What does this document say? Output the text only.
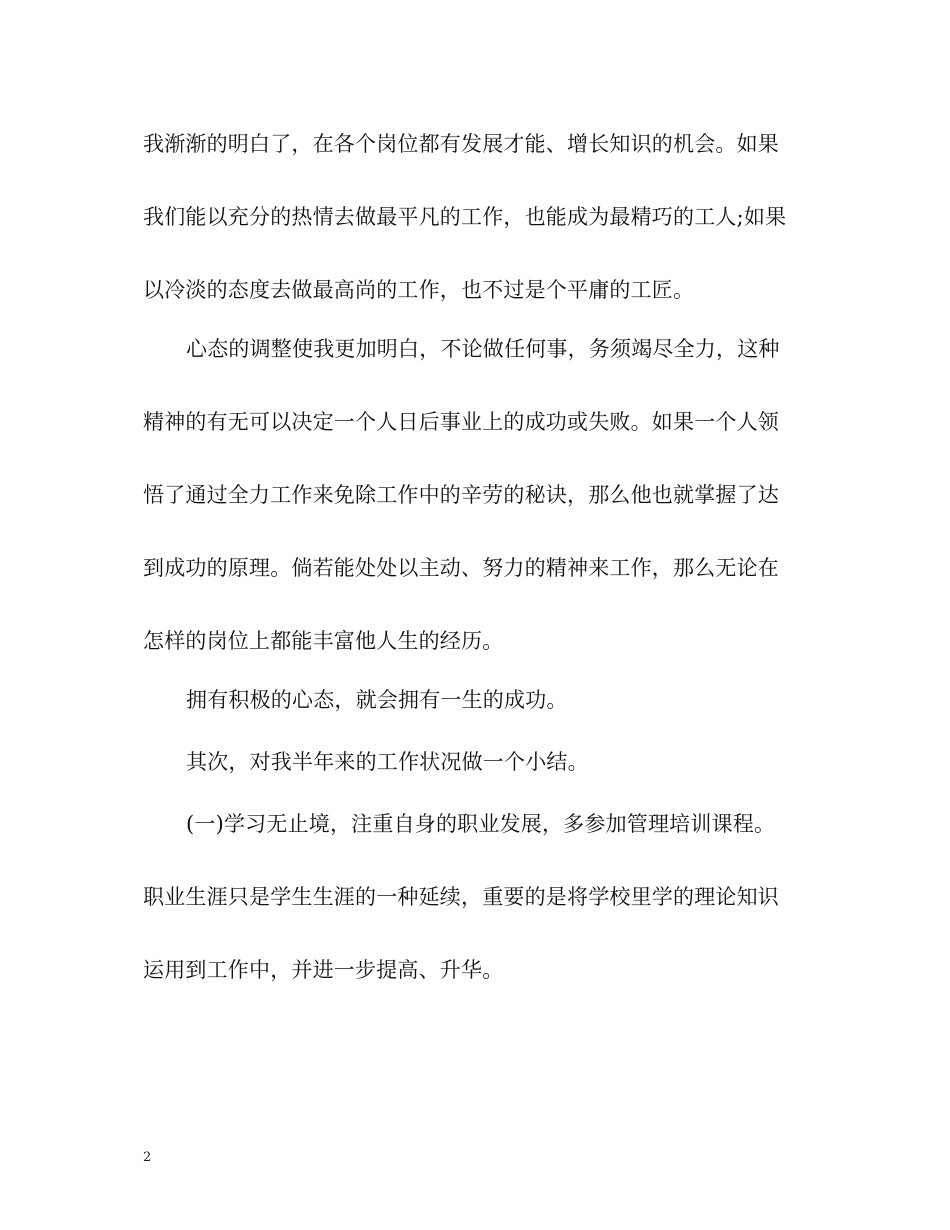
我渐渐的明白了，在各个岗位都有发展才能、增长知识的机会。如果
我们能以充分的热情去做最平凡的工作，也能成为最精巧的工人;如果
以冷淡的态度去做最高尚的工作，也不过是个平庸的工匠。
心态的调整使我更加明白，不论做任何事，务须竭尽全力，这种
精神的有无可以决定一个人日后事业上的成功或失败。如果一个人领
悟了通过全力工作来免除工作中的辛劳的秘诀，那么他也就掌握了达
到成功的原理。倘若能处处以主动、努力的精神来工作，那么无论在
怎样的岗位上都能丰富他人生的经历。
拥有积极的心态，就会拥有一生的成功。
其次，对我半年来的工作状况做一个小结。
(一)学习无止境，注重自身的职业发展，多参加管理培训课程。
职业生涯只是学生生涯的一种延续，重要的是将学校里学的理论知识
运用到工作中，并进一步提高、升华。
2
